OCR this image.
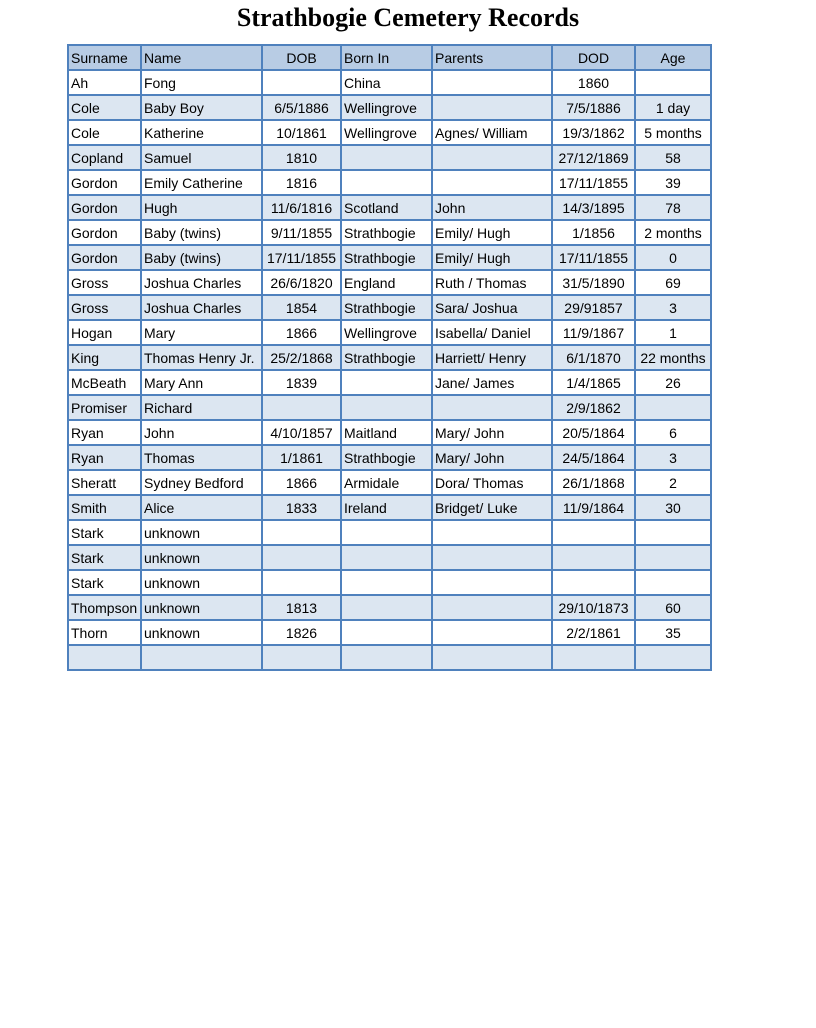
Strathbogie Cemetery Records
Surname	Name	DOB	Born In	Parents	DOD	Age
Ah	Fong		China		1860	
Cole	Baby Boy	6/5/1886	Wellingrove		7/5/1886	1 day
Cole	Katherine	10/1861	Wellingrove	Agnes/ William	19/3/1862	5 months
Copland	Samuel	1810			27/12/1869	58
Gordon	Emily Catherine	1816			17/11/1855	39
Gordon	Hugh	11/6/1816	Scotland	John	14/3/1895	78
Gordon	Baby (twins)	9/11/1855	Strathbogie	Emily/ Hugh	1/1856	2 months
Gordon	Baby (twins)	17/11/1855	Strathbogie	Emily/ Hugh	17/11/1855	0
Gross	Joshua Charles	26/6/1820	England	Ruth / Thomas	31/5/1890	69
Gross	Joshua Charles	1854	Strathbogie	Sara/ Joshua	29/91857	3
Hogan	Mary	1866	Wellingrove	Isabella/ Daniel	11/9/1867	1
King	Thomas Henry Jr.	25/2/1868	Strathbogie	Harriett/ Henry	6/1/1870	22 months
McBeath	Mary Ann	1839		Jane/ James	1/4/1865	26
Promiser	Richard				2/9/1862	
Ryan	John	4/10/1857	Maitland	Mary/ John	20/5/1864	6
Ryan	Thomas	1/1861	Strathbogie	Mary/ John	24/5/1864	3
Sheratt	Sydney Bedford	1866	Armidale	Dora/ Thomas	26/1/1868	2
Smith	Alice	1833	Ireland	Bridget/ Luke	11/9/1864	30
Stark	unknown					
Stark	unknown					
Stark	unknown					
Thompson	unknown	1813			29/10/1873	60
Thorn	unknown	1826			2/2/1861	35
